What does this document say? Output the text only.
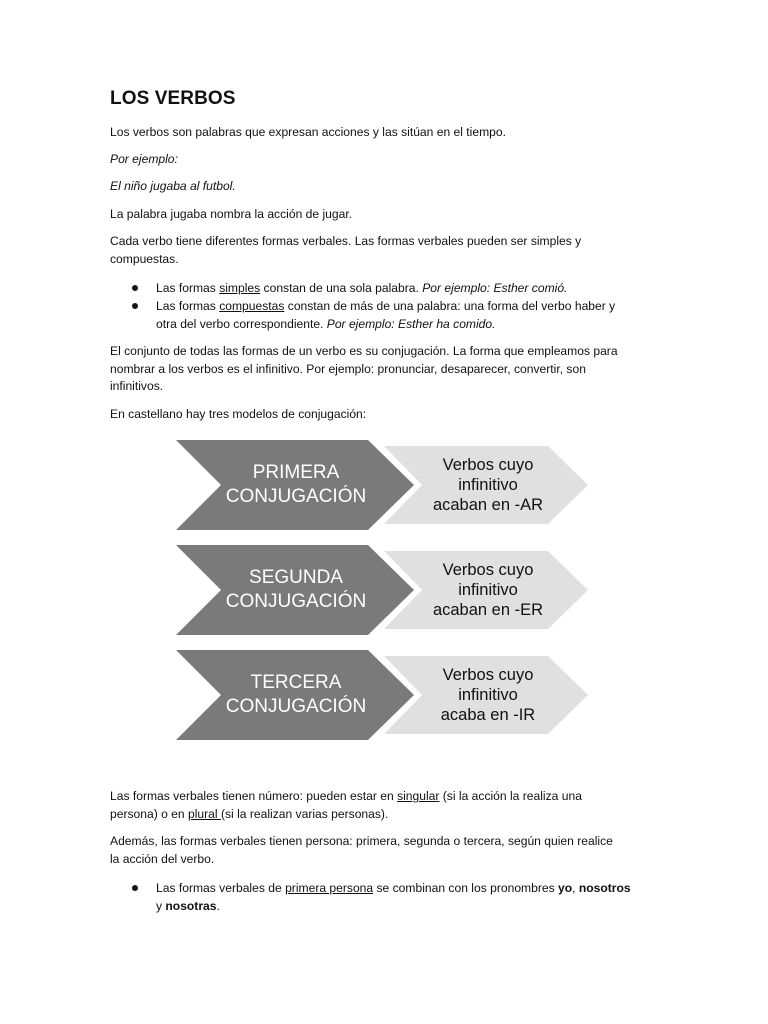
PRIMERA
CONJUGACIÓN
Verbos cuyo
infinitivo
acaban en -AR
SEGUNDA
CONJUGACIÓN
Verbos cuyo
infinitivo
acaban en -ER
TERCERA
CONJUGACIÓN
Verbos cuyo
infinitivo
acaba en -IR
LOS VERBOS
Los verbos son palabras que expresan acciones y las sitúan en el tiempo.
Por ejemplo:
El niño jugaba al futbol.
La palabra jugaba nombra la acción de jugar.
Cada verbo tiene diferentes formas verbales. Las formas verbales pueden ser simples y
compuestas.
Las formas simples constan de una sola palabra. Por ejemplo: Esther comió.
Las formas compuestas constan de más de una palabra: una forma del verbo haber y
otra del verbo correspondiente. Por ejemplo: Esther ha comido.
El conjunto de todas las formas de un verbo es su conjugación. La forma que empleamos para
nombrar a los verbos es el infinitivo. Por ejemplo: pronunciar, desaparecer, convertir, son
infinitivos.
En castellano hay tres modelos de conjugación:
Las formas verbales tienen número: pueden estar en singular (si la acción la realiza una
persona) o en plural (si la realizan varias personas).
Además, las formas verbales tienen persona: primera, segunda o tercera, según quien realice
la acción del verbo.
Las formas verbales de primera persona se combinan con los pronombres yo, nosotros
y nosotras.
